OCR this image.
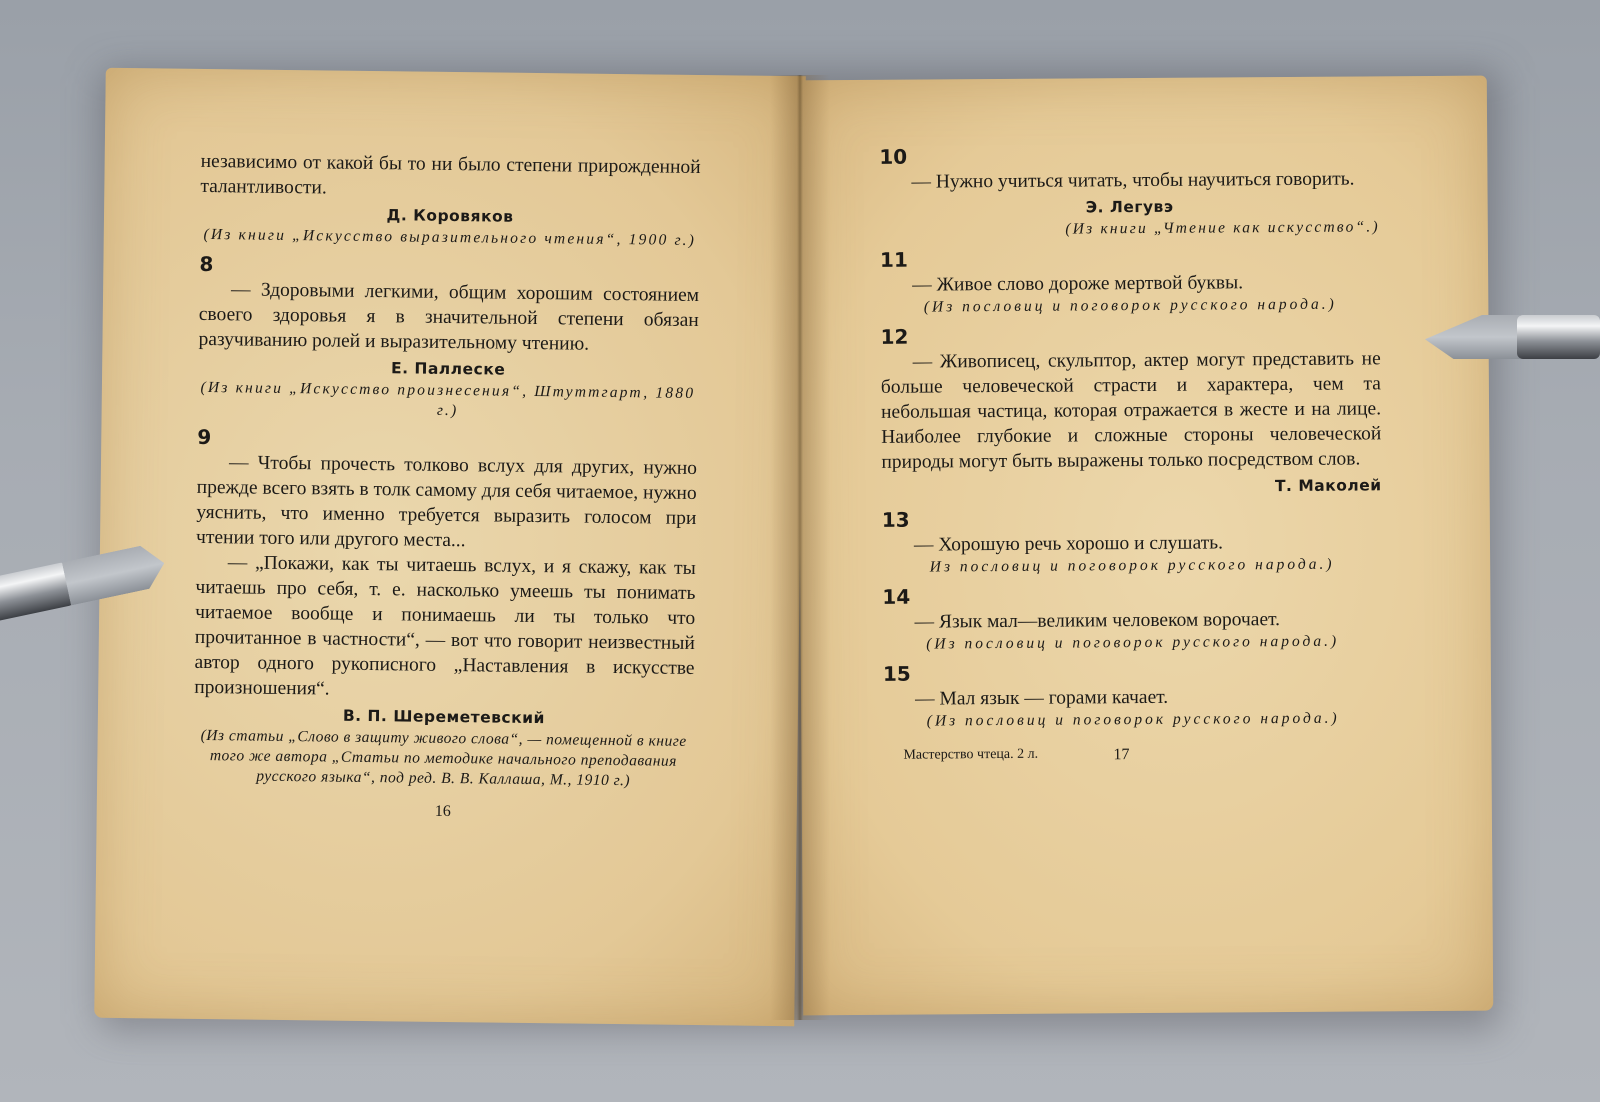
независимо от какой бы то ни было степени прирожденной талантливости.

Д. Коровяков
(Из книги „Искусство выразительного чтения“, 1900 г.)
8

— Здоровыми легкими, общим хорошим состоянием своего здоровья я в значительной степени обязан разучиванию ролей и выразительному чтению.

Е. Паллеске
(Из книги „Искусство произнесения“, Штуттгарт, 1880 г.)
9

— Чтобы прочесть толково вслух для других, нужно прежде всего взять в толк самому для себя читаемое, нужно уяснить, что именно требуется выразить голосом при чтении того или другого места...

— „Покажи, как ты читаешь вслух, и я скажу, как ты читаешь про себя, т. е. насколько умеешь ты понимать читаемое вообще и понимаешь ли ты только что прочитанное в частности“, — вот что говорит неизвестный автор одного рукописного „Наставления в искусстве произношения“.

В. П. Шереметевский
(Из статьи „Слово в защиту живого слова“, — помещенной в книге того же автора „Статьи по методике начального преподавания русского языка“, под ред. В. В. Каллаша, М., 1910 г.)
16
10

— Нужно учиться читать, чтобы научиться говорить.

Э. Легувэ
(Из книги „Чтение как искусство“.)
11

— Живое слово дороже мертвой буквы.

(Из пословиц и поговорок русского народа.)
12

— Живописец, скульптор, актер могут представить не больше человеческой страсти и характера, чем та небольшая частица, которая отражается в жесте и на лице. Наиболее глубокие и сложные стороны человеческой природы могут быть выражены только посредством слов.

Т. Маколей
13

— Хорошую речь хорошо и слушать.

Из пословиц и поговорок русского народа.)
14

— Язык мал—великим человеком ворочает.

(Из пословиц и поговорок русского народа.)
15

— Мал язык — горами качает.

(Из пословиц и поговорок русского народа.)
Мастерство чтеца. 2 л.	17
